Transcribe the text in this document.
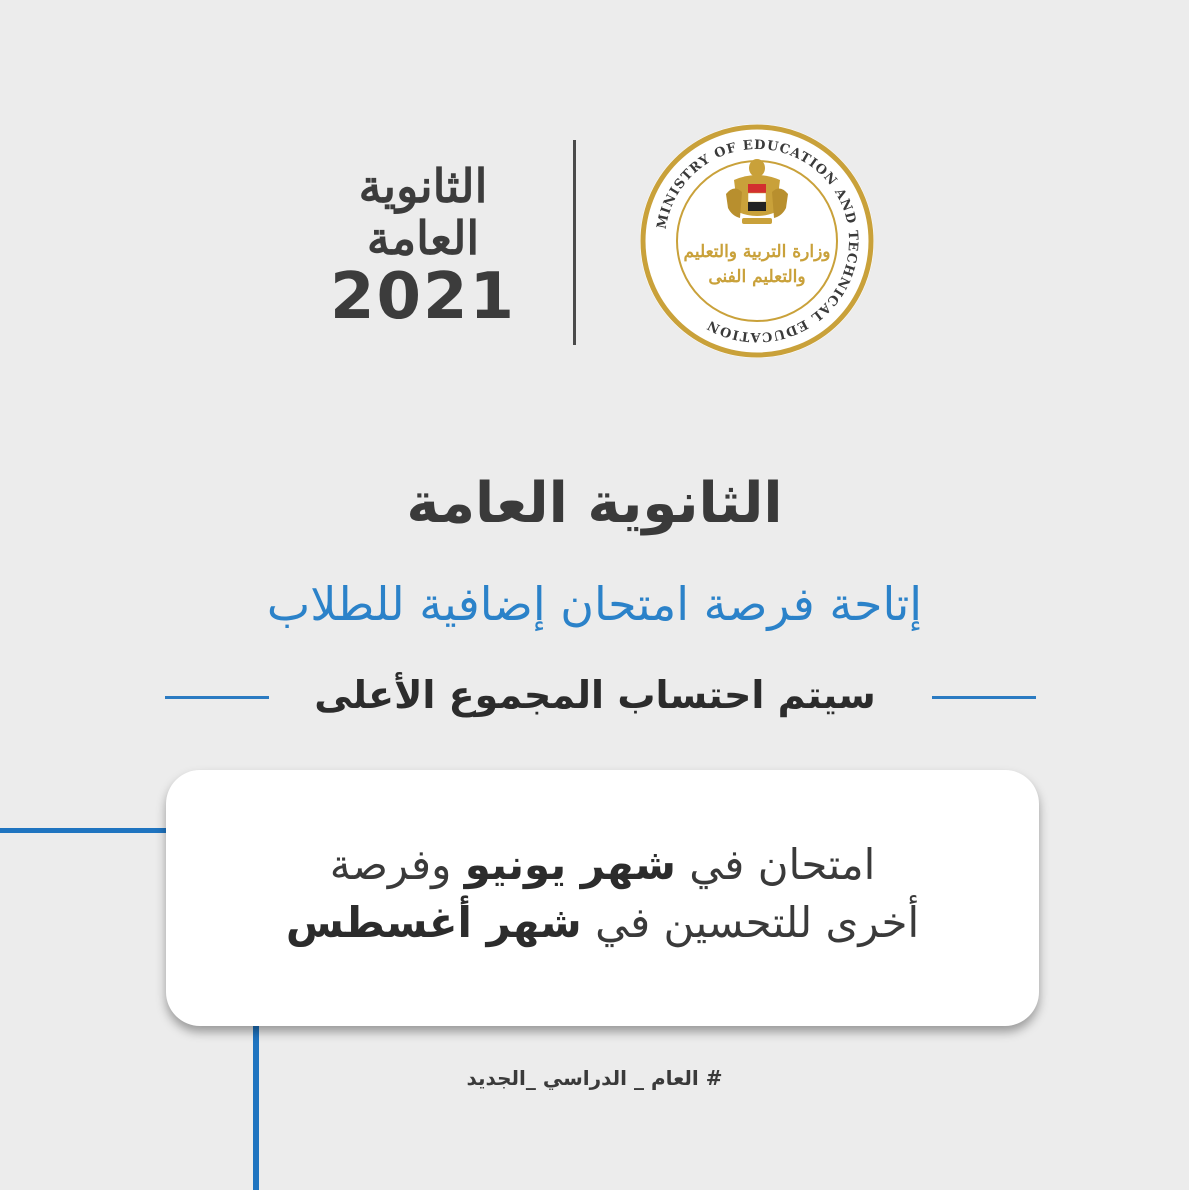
MINISTRY OF EDUCATION AND TECHNICAL EDUCATION
وزارة التربية والتعليم
والتعليم الفنى
الثانوية
العامة
2021
الثانوية العامة
إتاحة فرصة امتحان إضافية للطلاب
سيتم احتساب المجموع الأعلى
امتحان في شهر يونيو وفرصة
أخرى للتحسين في شهر أغسطس
# العام _ الدراسي _الجديد
